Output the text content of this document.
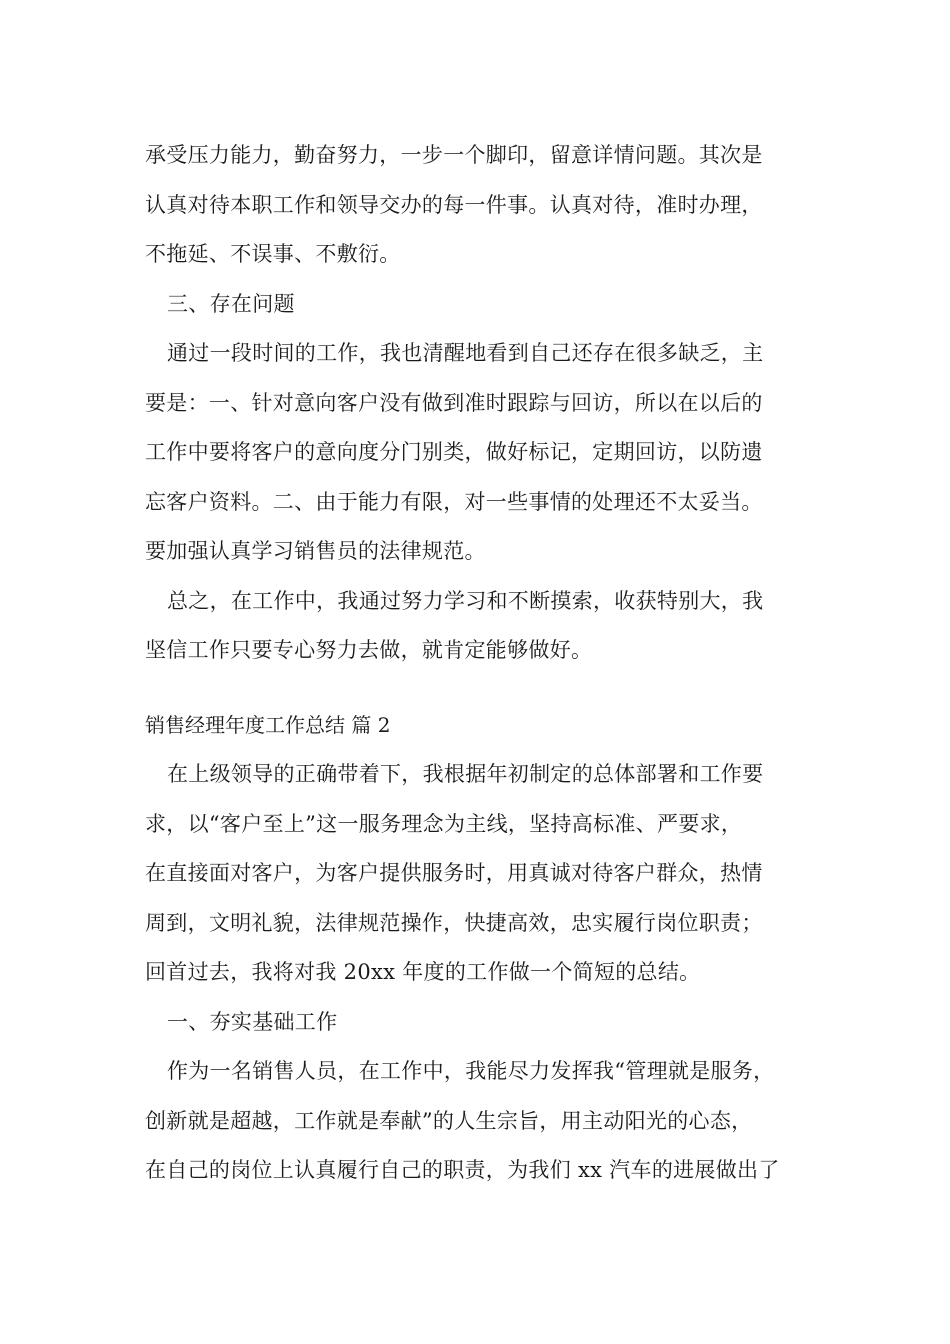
承受压力能力，勤奋努力，一步一个脚印，留意详情问题。其次是
认真对待本职工作和领导交办的每一件事。认真对待，准时办理，
不拖延、不误事、不敷衍。
三、存在问题
通过一段时间的工作，我也清醒地看到自己还存在很多缺乏，主
要是：一、针对意向客户没有做到准时跟踪与回访，所以在以后的
工作中要将客户的意向度分门别类，做好标记，定期回访，以防遗
忘客户资料。二、由于能力有限，对一些事情的处理还不太妥当。
要加强认真学习销售员的法律规范。
总之，在工作中，我通过努力学习和不断摸索，收获特别大，我
坚信工作只要专心努力去做，就肯定能够做好。
销售经理年度工作总结 篇 2
在上级领导的正确带着下，我根据年初制定的总体部署和工作要
求，以“客户至上”这一服务理念为主线，坚持高标准、严要求，
在直接面对客户，为客户提供服务时，用真诚对待客户群众，热情
周到，文明礼貌，法律规范操作，快捷高效，忠实履行岗位职责；
回首过去，我将对我 20xx 年度的工作做一个简短的总结。
一、夯实基础工作
作为一名销售人员，在工作中，我能尽力发挥我“管理就是服务，
创新就是超越，工作就是奉献”的人生宗旨，用主动阳光的心态，
在自己的岗位上认真履行自己的职责，为我们 xx 汽车的进展做出了
